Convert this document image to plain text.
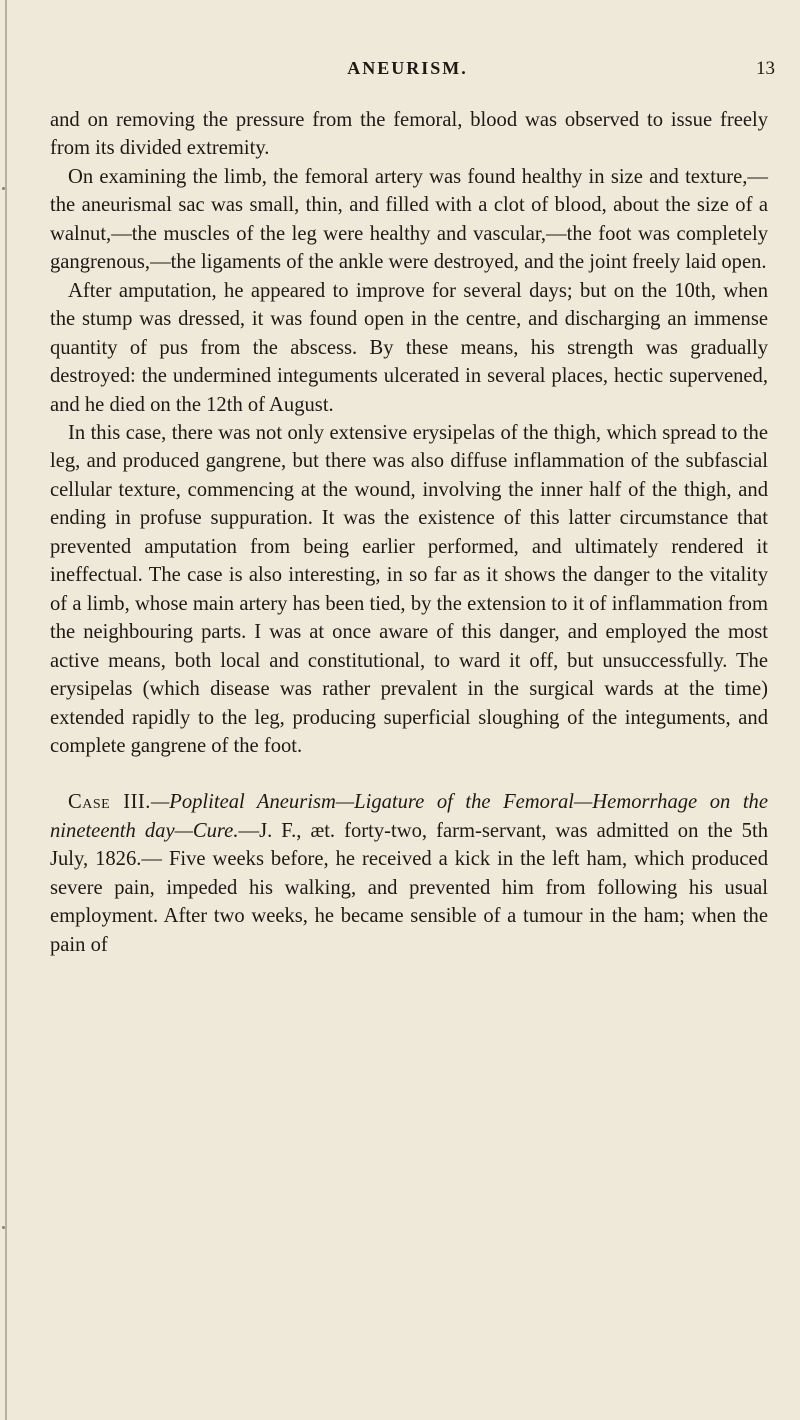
ANEURISM.	13

and on removing the pressure from the femoral, blood was observed to issue freely from its divided extremity.

On examining the limb, the femoral artery was found healthy in size and texture,—the aneurismal sac was small, thin, and filled with a clot of blood, about the size of a walnut,—the muscles of the leg were healthy and vascular,—the foot was completely gangrenous,—the ligaments of the ankle were destroyed, and the joint freely laid open.

After amputation, he appeared to improve for several days; but on the 10th, when the stump was dressed, it was found open in the centre, and discharging an immense quantity of pus from the abscess. By these means, his strength was gradually destroyed: the undermined integuments ulcerated in several places, hectic supervened, and he died on the 12th of August.

In this case, there was not only extensive erysipelas of the thigh, which spread to the leg, and produced gangrene, but there was also diffuse inflammation of the subfascial cellular texture, commencing at the wound, involving the inner half of the thigh, and ending in profuse suppuration. It was the existence of this latter circumstance that prevented amputation from being earlier performed, and ultimately rendered it ineffectual. The case is also interesting, in so far as it shows the danger to the vitality of a limb, whose main artery has been tied, by the extension to it of inflammation from the neighbouring parts. I was at once aware of this danger, and employed the most active means, both local and constitutional, to ward it off, but unsuccessfully. The erysipelas (which disease was rather prevalent in the surgical wards at the time) extended rapidly to the leg, producing superficial sloughing of the integuments, and complete gangrene of the foot.

Case III.—Popliteal Aneurism—Ligature of the Femoral—Hemorrhage on the nineteenth day—Cure.—J. F., æt. forty-two, farm-servant, was admitted on the 5th July, 1826.— Five weeks before, he received a kick in the left ham, which produced severe pain, impeded his walking, and prevented him from following his usual employment. After two weeks, he became sensible of a tumour in the ham; when the pain of
